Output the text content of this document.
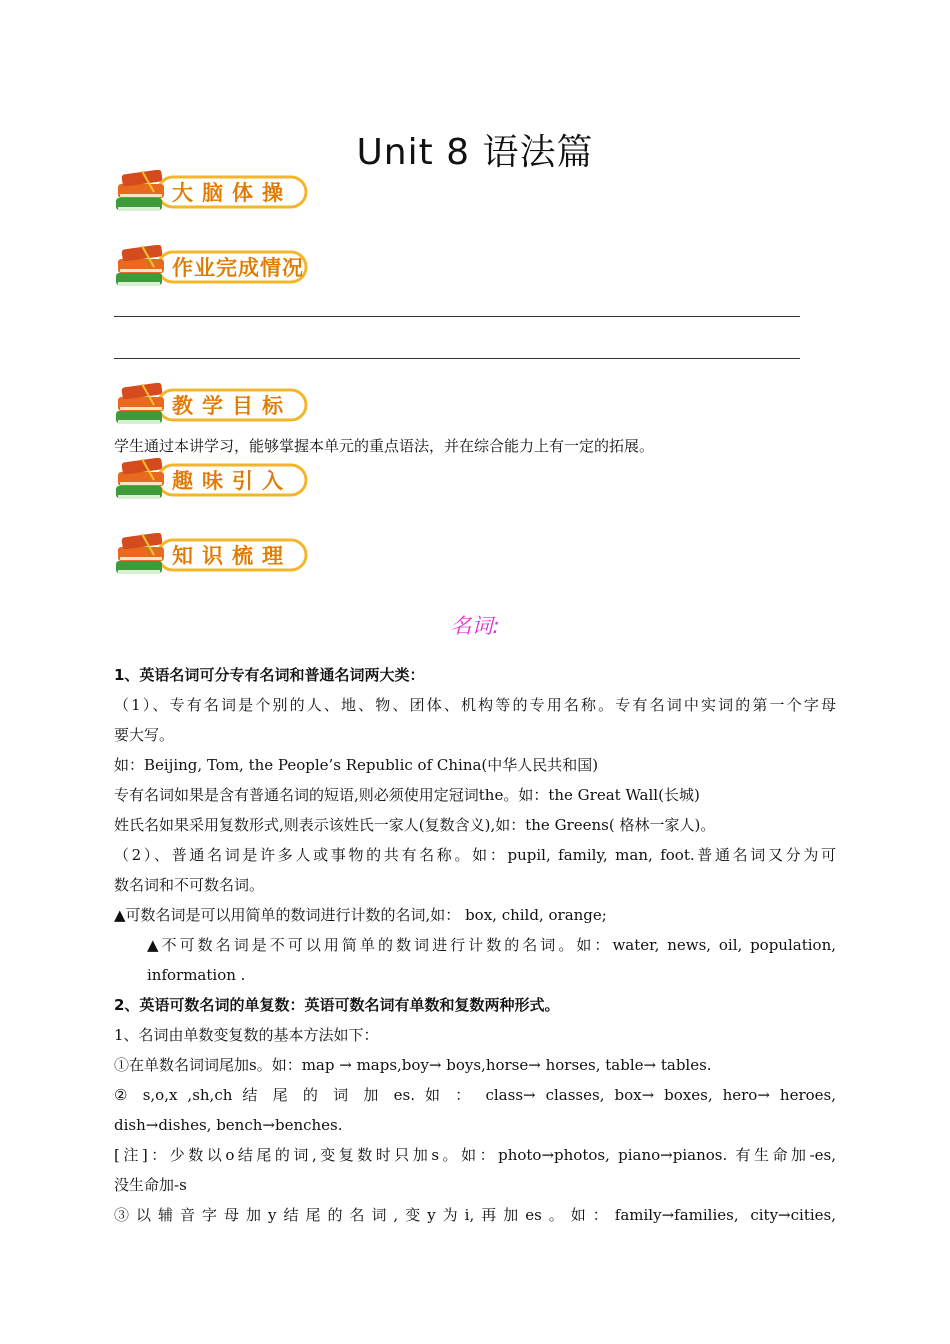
Unit 8 语法篇
大脑体操
作业完成情况
教学目标
学生通过本讲学习，能够掌握本单元的重点语法，并在综合能力上有一定的拓展。
趣味引入
知识梳理
名词:

1、英语名词可分专有名词和普通名词两大类：

（1）、专有名词是个别的人、地、物、团体、机构等的专用名称。专有名词中实词的第一个字母

要大写。

如：Beijing, Tom, the People’s Republic of China(中华人民共和国)

专有名词如果是含有普通名词的短语,则必须使用定冠词the。如：the Great Wall(长城)

姓氏名如果采用复数形式,则表示该姓氏一家人(复数含义),如：the Greens( 格林一家人)。

（2）、普通名词是许多人或事物的共有名称。如：pupil, family, man, foot.普通名词又分为可

数名词和不可数名词。

▲可数名词是可以用简单的数词进行计数的名词,如： box, child, orange;

▲不可数名词是不可以用简单的数词进行计数的名词。如：water, news, oil, population,

information .

2、英语可数名词的单复数：英语可数名词有单数和复数两种形式。

1、名词由单数变复数的基本方法如下：

①在单数名词词尾加s。如：map → maps,boy→ boys,horse→ horses, table→ tables.

② s,o,x ,sh,ch 结 尾 的 词 加 es. 如 ： class→ classes, box→ boxes, hero→ heroes,

dish→dishes, bench→benches.

[注]：少数以o结尾的词,变复数时只加s。如：photo→photos, piano→pianos. 有生命加-es,

没生命加-s

③以辅音字母加y结尾的名词,变y为i,再加es。如：family→families, city→cities,
